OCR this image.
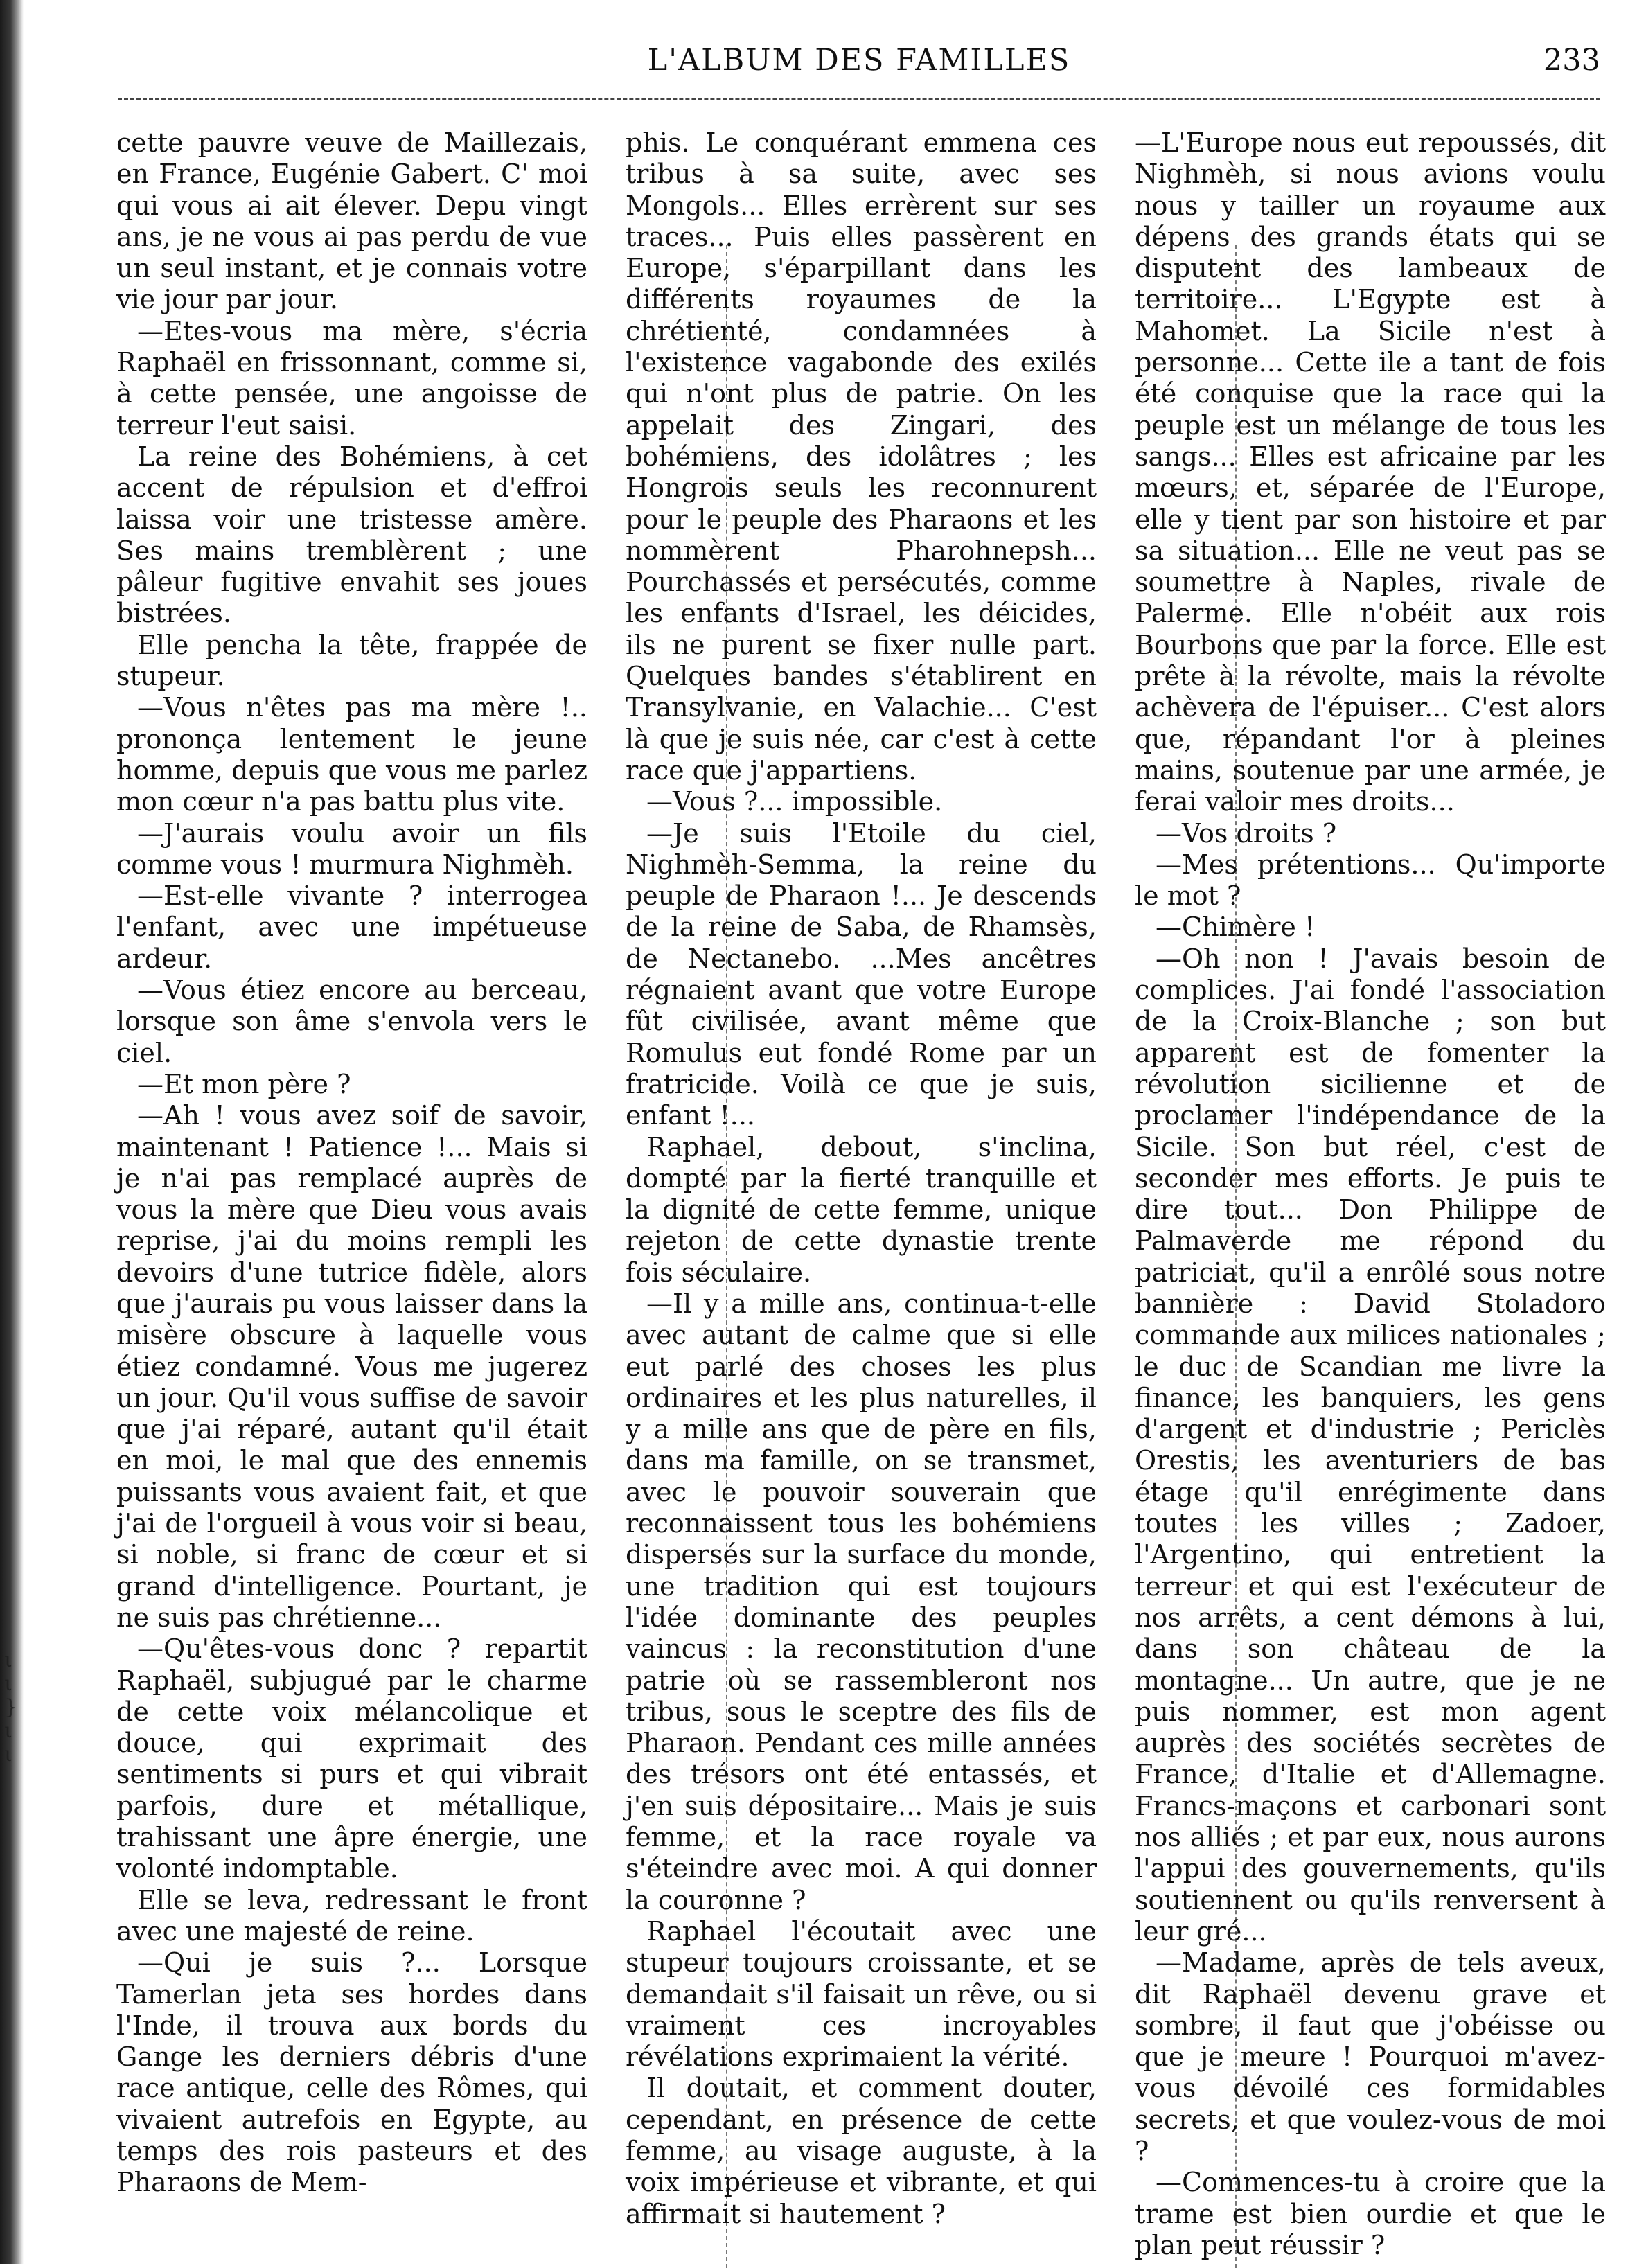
L'ALBUM DES FAMILLES	233

cette pauvre veuve de Maillezais, en France, Eugénie Gabert. C' moi qui vous ai ait élever. Depu vingt ans, je ne vous ai pas perdu de vue un seul instant, et je connais votre vie jour par jour.

—Etes-vous ma mère, s'écria Raphaël en frissonnant, comme si, à cette pensée, une angoisse de terreur l'eut saisi.

La reine des Bohémiens, à cet accent de répulsion et d'effroi laissa voir une tristesse amère. Ses mains tremblèrent ; une pâleur fugitive envahit ses joues bistrées.

Elle pencha la tête, frappée de stupeur.

—Vous n'êtes pas ma mère !.. prononça lentement le jeune homme, depuis que vous me parlez mon cœur n'a pas battu plus vite.

—J'aurais voulu avoir un fils comme vous ! murmura Nighmèh.

—Est-elle vivante ? interrogea l'enfant, avec une impétueuse ardeur.

—Vous étiez encore au berceau, lorsque son âme s'envola vers le ciel.

—Et mon père ?

—Ah ! vous avez soif de savoir, maintenant ! Patience !... Mais si je n'ai pas remplacé auprès de vous la mère que Dieu vous avais reprise, j'ai du moins rempli les devoirs d'une tutrice fidèle, alors que j'aurais pu vous laisser dans la misère obscure à laquelle vous étiez condamné. Vous me jugerez un jour. Qu'il vous suffise de savoir que j'ai réparé, autant qu'il était en moi, le mal que des ennemis puissants vous avaient fait, et que j'ai de l'orgueil à vous voir si beau, si noble, si franc de cœur et si grand d'intelligence. Pourtant, je ne suis pas chrétienne...

—Qu'êtes-vous donc ? repartit Raphaël, subjugué par le charme de cette voix mélancolique et douce, qui exprimait des sentiments si purs et qui vibrait parfois, dure et métallique, trahissant une âpre énergie, une volonté indomptable.

Elle se leva, redressant le front avec une majesté de reine.

—Qui je suis ?... Lorsque Tamerlan jeta ses hordes dans l'Inde, il trouva aux bords du Gange les derniers débris d'une race antique, celle des Rômes, qui vivaient autrefois en Egypte, au temps des rois pasteurs et des Pharaons de Mem-

phis. Le conquérant emmena ces tribus à sa suite, avec ses Mongols... Elles errèrent sur ses traces... Puis elles passèrent en Europe, s'éparpillant dans les différents royaumes de la chrétienté, condamnées à l'existence vagabonde des exilés qui n'ont plus de patrie. On les appelait des Zingari, des bohémiens, des idolâtres ; les Hongrois seuls les reconnurent pour le peuple des Pharaons et les nommèrent Pharohnepsh... Pourchassés et persécutés, comme les enfants d'Israel, les déicides, ils ne purent se fixer nulle part. Quelques bandes s'établirent en Transylvanie, en Valachie... C'est là que je suis née, car c'est à cette race que j'appartiens.

—Vous ?... impossible.

—Je suis l'Etoile du ciel, Nighmèh-Semma, la reine du peuple de Pharaon !... Je descends de la reine de Saba, de Rhamsès, de Nectanebo. ...Mes ancêtres régnaient avant que votre Europe fût civilisée, avant même que Romulus eut fondé Rome par un fratricide. Voilà ce que je suis, enfant !...

Raphael, debout, s'inclina, dompté par la fierté tranquille et la dignité de cette femme, unique rejeton de cette dynastie trente fois séculaire.

—Il y a mille ans, continua-t-elle avec autant de calme que si elle eut parlé des choses les plus ordinaires et les plus naturelles, il y a mille ans que de père en fils, dans ma famille, on se transmet, avec le pouvoir souverain que reconnaissent tous les bohémiens dispersés sur la surface du monde, une tradition qui est toujours l'idée dominante des peuples vaincus : la reconstitution d'une patrie où se rassembleront nos tribus, sous le sceptre des fils de Pharaon. Pendant ces mille années des trésors ont été entassés, et j'en suis dépositaire... Mais je suis femme, et la race royale va s'éteindre avec moi. A qui donner la couronne ?

Raphael l'écoutait avec une stupeur toujours croissante, et se demandait s'il faisait un rêve, ou si vraiment ces incroyables révélations exprimaient la vérité.

Il doutait, et comment douter, cependant, en présence de cette femme, au visage auguste, à la voix impérieuse et vibrante, et qui affirmait si hautement ?

—L'Europe nous eut repoussés, dit Nighmèh, si nous avions voulu nous y tailler un royaume aux dépens des grands états qui se disputent des lambeaux de territoire... L'Egypte est à Mahomet. La Sicile n'est à personne... Cette ile a tant de fois été conquise que la race qui la peuple est un mélange de tous les sangs... Elles est africaine par les mœurs, et, séparée de l'Europe, elle y tient par son histoire et par sa situation... Elle ne veut pas se soumettre à Naples, rivale de Palerme. Elle n'obéit aux rois Bourbons que par la force. Elle est prête à la révolte, mais la révolte achèvera de l'épuiser... C'est alors que, répandant l'or à pleines mains, soutenue par une armée, je ferai valoir mes droits...

—Vos droits ?

—Mes prétentions... Qu'importe le mot ?

—Chimère !

—Oh non ! J'avais besoin de complices. J'ai fondé l'association de la Croix-Blanche ; son but apparent est de fomenter la révolution sicilienne et de proclamer l'indépendance de la Sicile. Son but réel, c'est de seconder mes efforts. Je puis te dire tout... Don Philippe de Palmaverde me répond du patriciat, qu'il a enrôlé sous notre bannière : David Stoladoro commande aux milices nationales ; le duc de Scandian me livre la finance, les banquiers, les gens d'argent et d'industrie ; Periclès Orestis, les aventuriers de bas étage qu'il enrégimente dans toutes les villes ; Zadoer, l'Argentino, qui entretient la terreur et qui est l'exécuteur de nos arrêts, a cent démons à lui, dans son château de la montagne... Un autre, que je ne puis nommer, est mon agent auprès des sociétés secrètes de France, d'Italie et d'Allemagne. Francs-maçons et carbonari sont nos alliés ; et par eux, nous aurons l'appui des gouvernements, qu'ils soutiennent ou qu'ils renversent à leur gré...

—Madame, après de tels aveux, dit Raphaël devenu grave et sombre, il faut que j'obéisse ou que je meure ! Pourquoi m'avez-vous dévoilé ces formidables secrets, et que voulez-vous de moi ?

—Commences-tu à croire que la trame est bien ourdie et que le plan peut réussir ?

ι
ι
}
ι
ι
